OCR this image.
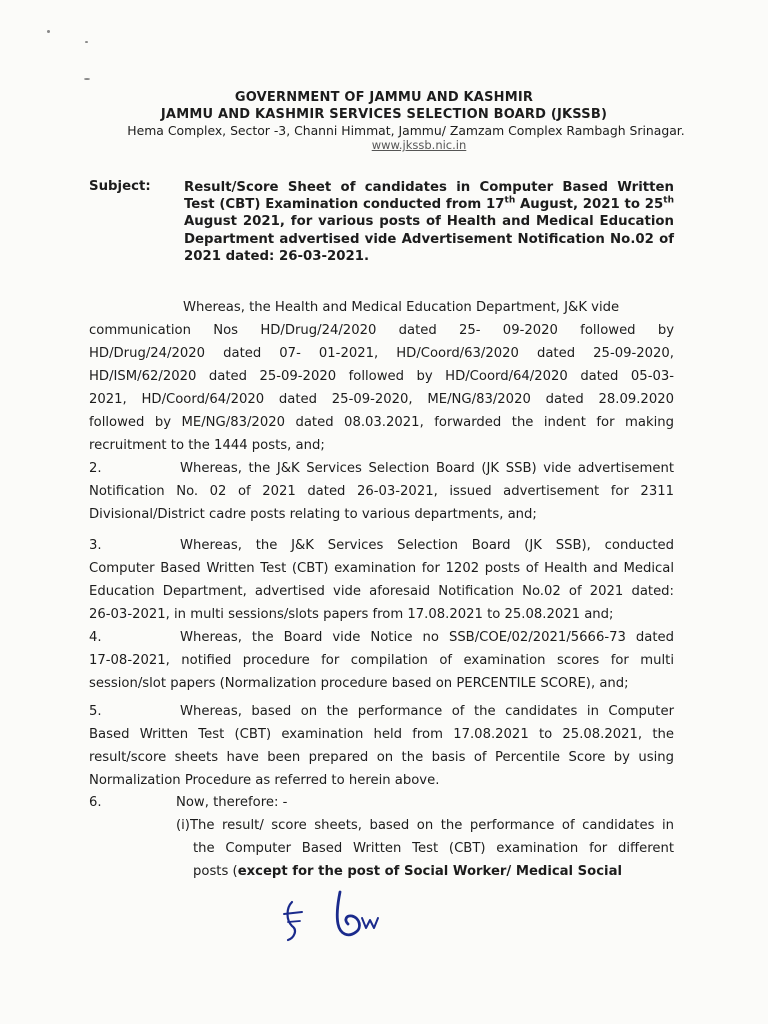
GOVERNMENT OF JAMMU AND KASHMIR
JAMMU AND KASHMIR SERVICES SELECTION BOARD (JKSSB)
Hema Complex, Sector -3, Channi Himmat, Jammu/ Zamzam Complex Rambagh Srinagar.
www.jkssb.nic.in
Subject:	Result/Score Sheet of candidates in Computer Based Written Test (CBT) Examination conducted from 17th August, 2021 to 25th August 2021, for various posts of Health and Medical Education Department advertised vide Advertisement Notification No.02 of 2021 dated: 26-03-2021.
Whereas, the Health and Medical Education Department, J&K vide
communication Nos HD/Drug/24/2020 dated 25- 09-2020 followed by
HD/Drug/24/2020 dated 07- 01-2021, HD/Coord/63/2020 dated 25-09-2020,
HD/ISM/62/2020 dated 25-09-2020 followed by HD/Coord/64/2020 dated 05-03-
2021, HD/Coord/64/2020 dated 25-09-2020, ME/NG/83/2020 dated 28.09.2020
followed by ME/NG/83/2020 dated 08.03.2021, forwarded the indent for making
recruitment to the 1444 posts, and;
2.	Whereas, the J&K Services Selection Board (JK SSB) vide advertisement
Notification No. 02 of 2021 dated 26-03-2021, issued advertisement for 2311
Divisional/District cadre posts relating to various departments, and;
3.	Whereas, the J&K Services Selection Board (JK SSB), conducted
Computer Based Written Test (CBT) examination for 1202 posts of Health and Medical
Education Department, advertised vide aforesaid Notification No.02 of 2021 dated:
26-03-2021, in multi sessions/slots papers from 17.08.2021 to 25.08.2021 and;
4.	Whereas, the Board vide Notice no SSB/COE/02/2021/5666-73 dated
17-08-2021, notified procedure for compilation of examination scores for multi
session/slot papers (Normalization procedure based on PERCENTILE SCORE), and;
5.	Whereas, based on the performance of the candidates in Computer
Based Written Test (CBT) examination held from 17.08.2021 to 25.08.2021, the
result/score sheets have been prepared on the basis of Percentile Score by using
Normalization Procedure as referred to herein above.
6.	Now, therefore: -
(i)The result/ score sheets, based on the performance of candidates in
the Computer Based Written Test (CBT) examination for different
posts (except for the post of Social Worker/ Medical Social
